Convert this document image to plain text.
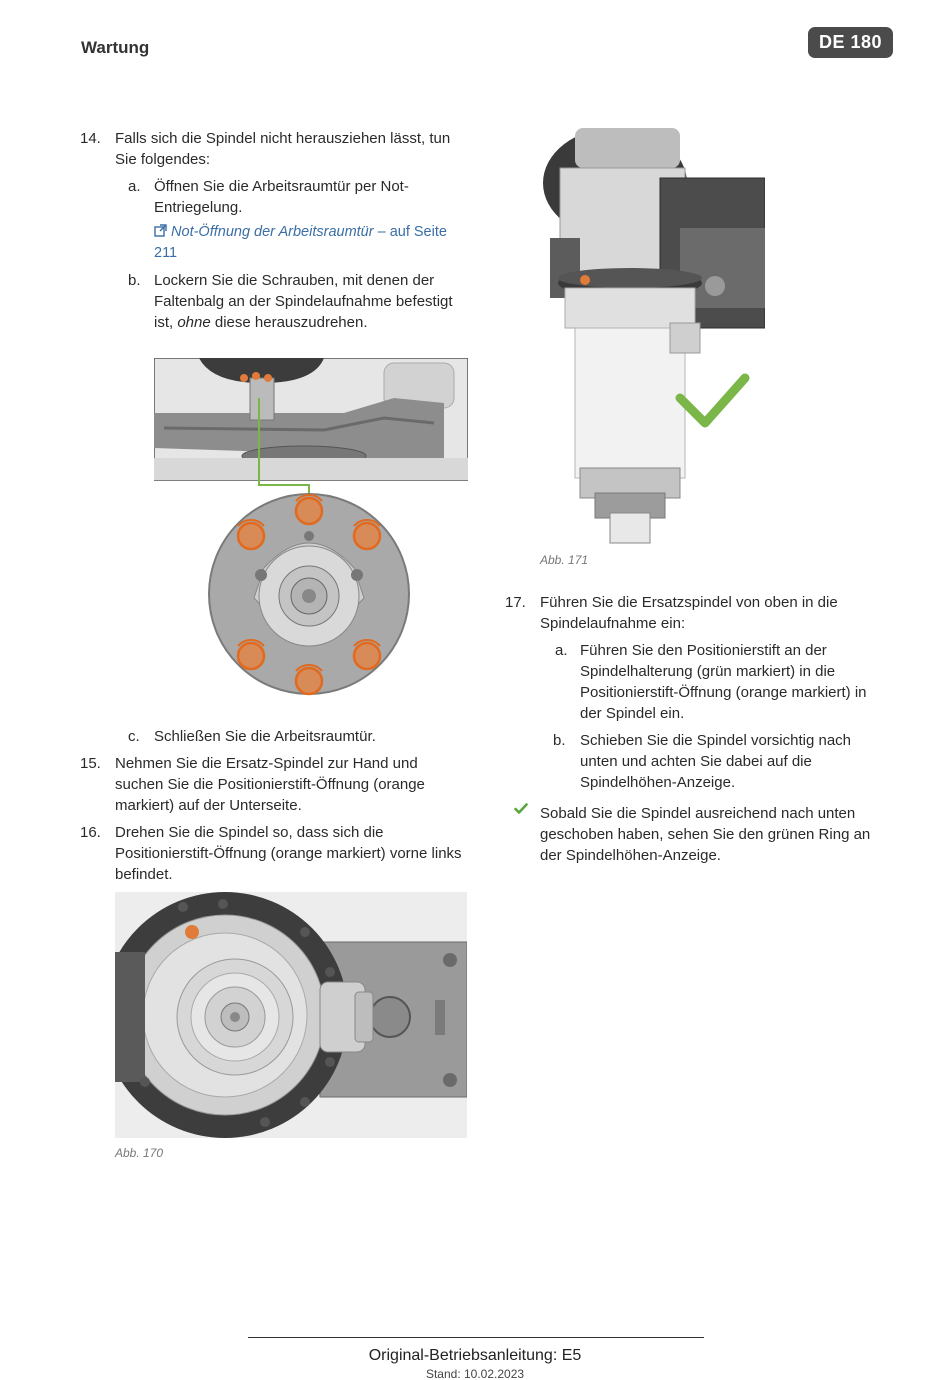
Wartung	DE 180
14. Falls sich die Spindel nicht herausziehen lässt, tun Sie folgendes:
a. Öffnen Sie die Arbeitsraumtür per Not-Entriegelung.
Not-Öffnung der Arbeitsraumtür – auf Seite 211
b. Lockern Sie die Schrauben, mit denen der Faltenbalg an der Spindelaufnahme befestigt ist, ohne diese herauszudrehen.
c. Schließen Sie die Arbeitsraumtür.
15. Nehmen Sie die Ersatz-Spindel zur Hand und suchen Sie die Positionierstift-Öffnung (orange markiert) auf der Unterseite.
16. Drehen Sie die Spindel so, dass sich die Positionierstift-Öffnung (orange markiert) vorne links befindet.
Abb. 170
Abb. 171
17. Führen Sie die Ersatzspindel von oben in die Spindelaufnahme ein:
a. Führen Sie den Positionierstift an der Spindelhalterung (grün markiert) in die Positionierstift-Öffnung (orange markiert) in der Spindel ein.
b. Schieben Sie die Spindel vorsichtig nach unten und achten Sie dabei auf die Spindelhöhen-Anzeige.
Sobald Sie die Spindel ausreichend nach unten geschoben haben, sehen Sie den grünen Ring an der Spindelhöhen-Anzeige.
Original-Betriebsanleitung: E5
Stand: 10.02.2023
